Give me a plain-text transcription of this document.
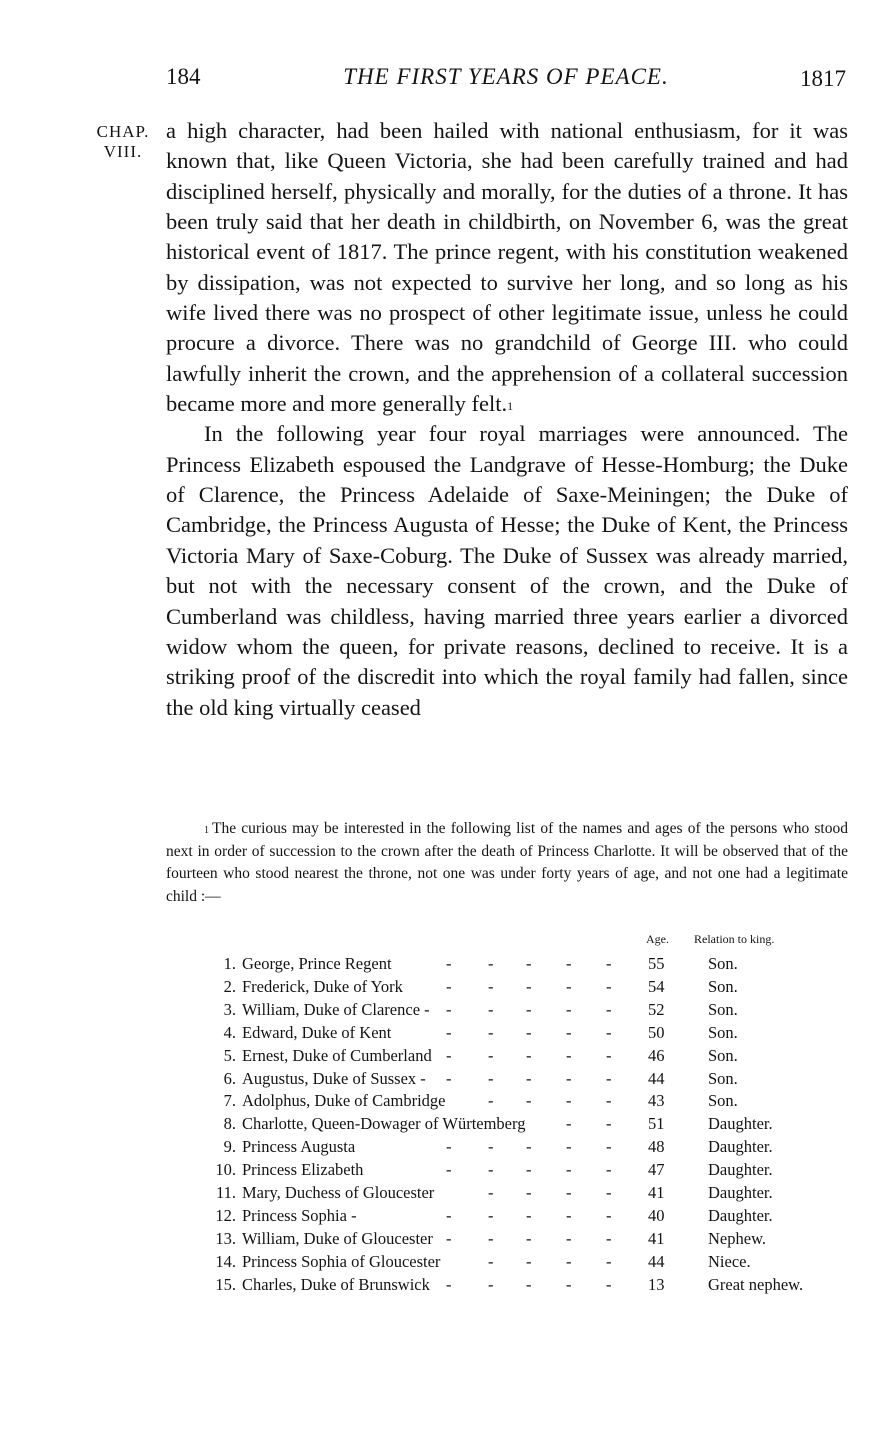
184	THE FIRST YEARS OF PEACE.	1817
CHAP.
VIII.

a high character, had been hailed with national enthusiasm, for it was known that, like Queen Victoria, she had been carefully trained and had disciplined herself, physically and morally, for the duties of a throne. It has been truly said that her death in childbirth, on November 6, was the great historical event of 1817. The prince regent, with his constitution weakened by dissipation, was not expected to survive her long, and so long as his wife lived there was no prospect of other legitimate issue, unless he could procure a divorce. There was no grandchild of George III. who could lawfully inherit the crown, and the apprehension of a collateral succession became more and more generally felt.$^1$

In the following year four royal marriages were announced. The Princess Elizabeth espoused the Landgrave of Hesse-Homburg; the Duke of Clarence, the Princess Adelaide of Saxe-Meiningen; the Duke of Cambridge, the Princess Augusta of Hesse; the Duke of Kent, the Princess Victoria Mary of Saxe-Coburg. The Duke of Sussex was already married, but not with the necessary consent of the crown, and the Duke of Cumberland was childless, having married three years earlier a divorced widow whom the queen, for private reasons, declined to receive. It is a striking proof of the discredit into which the royal family had fallen, since the old king virtually ceased

$^1$ The curious may be interested in the following list of the names and ages of the persons who stood next in order of succession to the crown after the death of Princess Charlotte. It will be observed that of the fourteen who stood nearest the throne, not one was under forty years of age, and not one had a legitimate child :—

Age. Relation to king.
1. George, Prince Regent	55	Son.
- - - - -
2. Frederick, Duke of York	54	Son.
- - - - -
3. William, Duke of Clarence -	52	Son.
- - - - -
4. Edward, Duke of Kent	50	Son.
- - - - -
5. Ernest, Duke of Cumberland	46	Son.
- - - - -
6. Augustus, Duke of Sussex -	44	Son.
- - - - -
7. Adolphus, Duke of Cambridge	43	Son.
- - - -
8. Charlotte, Queen-Dowager of Würtemberg	51	Daughter.
- -
9. Princess Augusta	48	Daughter.
- - - - -
10. Princess Elizabeth	47	Daughter.
- - - - -
11. Mary, Duchess of Gloucester	41	Daughter.
- - - -
12. Princess Sophia -	40	Daughter.
- - - - -
13. William, Duke of Gloucester	41	Nephew.
- - - - -
14. Princess Sophia of Gloucester	44	Niece.
- - - -
15. Charles, Duke of Brunswick	13	Great nephew.
- - - - -
